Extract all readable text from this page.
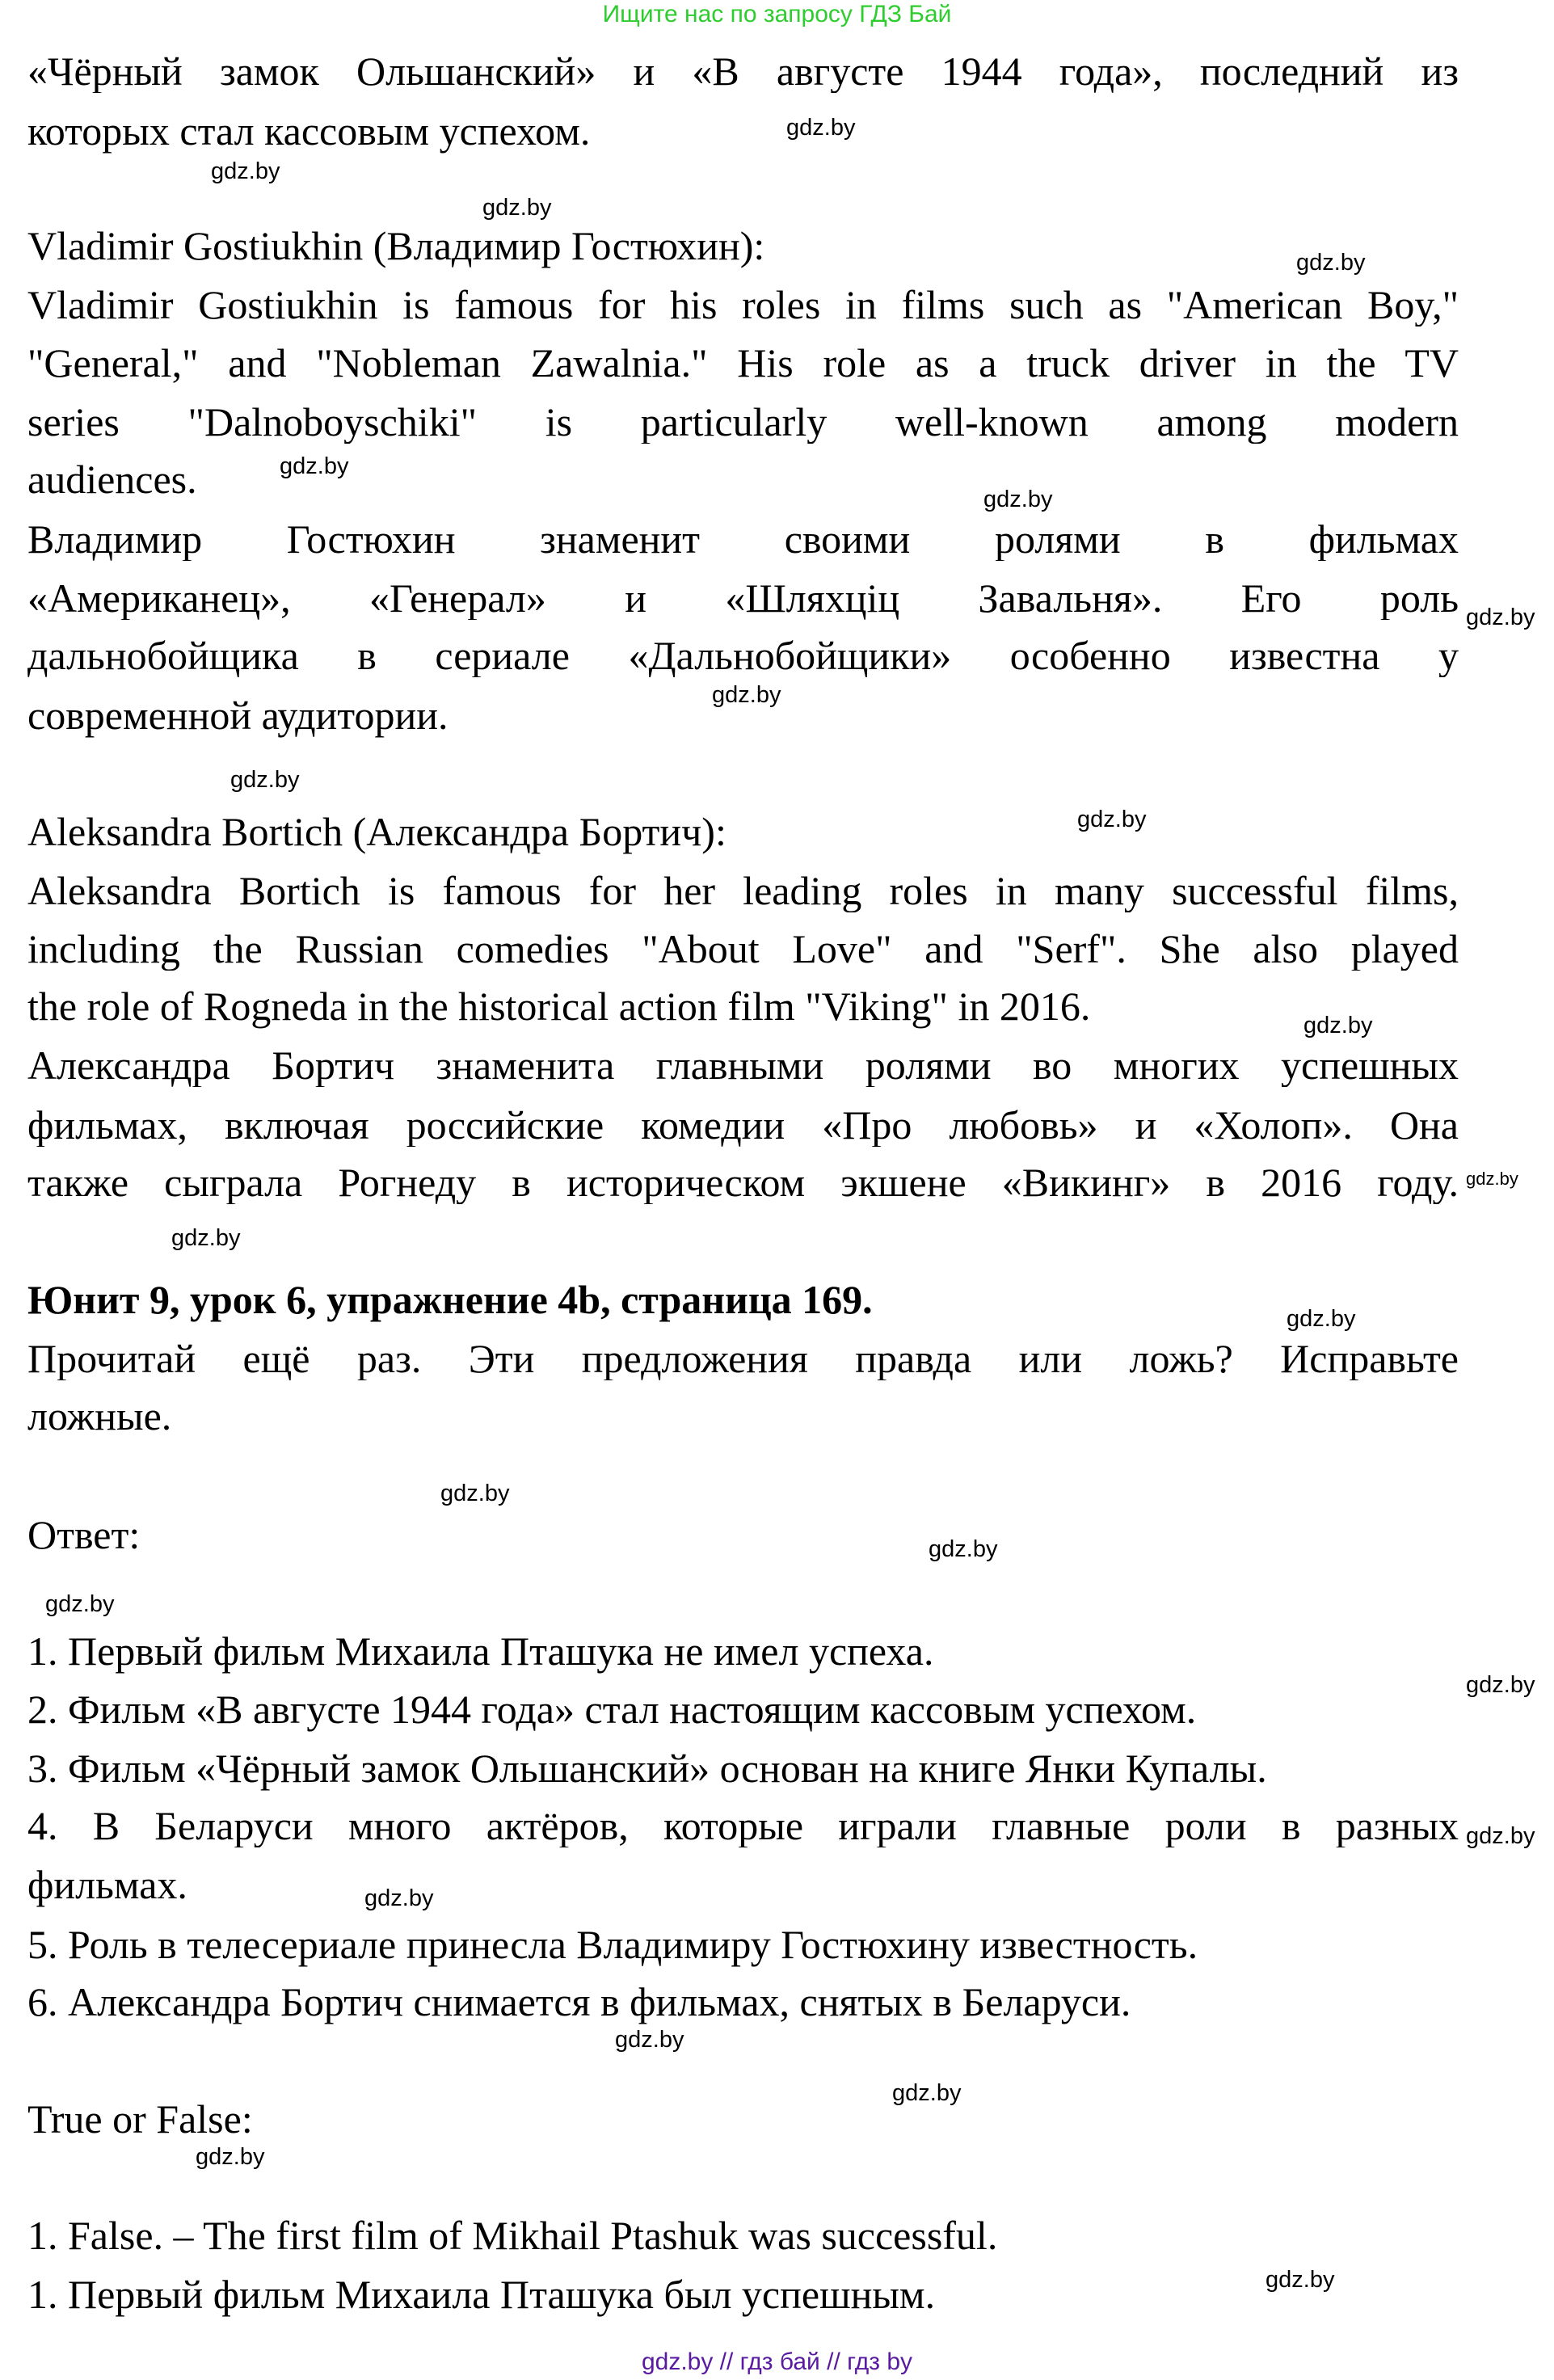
Ищите нас по запросу ГДЗ Бай
«Чёрный замок Ольшанский» и «В августе 1944 года», последний из
которых стал кассовым успехом.
Vladimir Gostiukhin (Владимир Гостюхин):
Vladimir Gostiukhin is famous for his roles in films such as "American Boy,"
"General," and "Nobleman Zawalnia." His role as a truck driver in the TV
series "Dalnoboyschiki" is particularly well-known among modern
audiences.
Владимир Гостюхин знаменит своими ролями в фильмах
«Американец», «Генерал» и «Шляхціц Завальня». Его роль
дальнобойщика в сериале «Дальнобойщики» особенно известна у
современной аудитории.
Aleksandra Bortich (Александра Бортич):
Aleksandra Bortich is famous for her leading roles in many successful films,
including the Russian comedies "About Love" and "Serf". She also played
the role of Rogneda in the historical action film "Viking" in 2016.
Александра Бортич знаменита главными ролями во многих успешных
фильмах, включая российские комедии «Про любовь» и «Холоп». Она
также сыграла Рогнеду в историческом экшене «Викинг» в 2016 году.
Юнит 9, урок 6, упражнение 4b, страница 169.
Прочитай ещё раз. Эти предложения правда или ложь? Исправьте
ложные.
Ответ:
1. Первый фильм Михаила Пташука не имел успеха.
2. Фильм «В августе 1944 года» стал настоящим кассовым успехом.
3. Фильм «Чёрный замок Ольшанский» основан на книге Янки Купалы.
4. В Беларуси много актёров, которые играли главные роли в разных
фильмах.
5. Роль в телесериале принесла Владимиру Гостюхину известность.
6. Александра Бортич снимается в фильмах, снятых в Беларуси.
True or False:
1. False. – The first film of Mikhail Ptashuk was successful.
1. Первый фильм Михаила Пташука был успешным.
gdz.by
gdz.by
gdz.by
gdz.by
gdz.by
gdz.by
gdz.by
gdz.by
gdz.by
gdz.by
gdz.by
gdz.by
gdz.by
gdz.by
gdz.by
gdz.by
gdz.by
gdz.by
gdz.by
gdz.by
gdz.by
gdz.by
gdz.by
gdz.by
gdz.by // гдз бай // гдз by
